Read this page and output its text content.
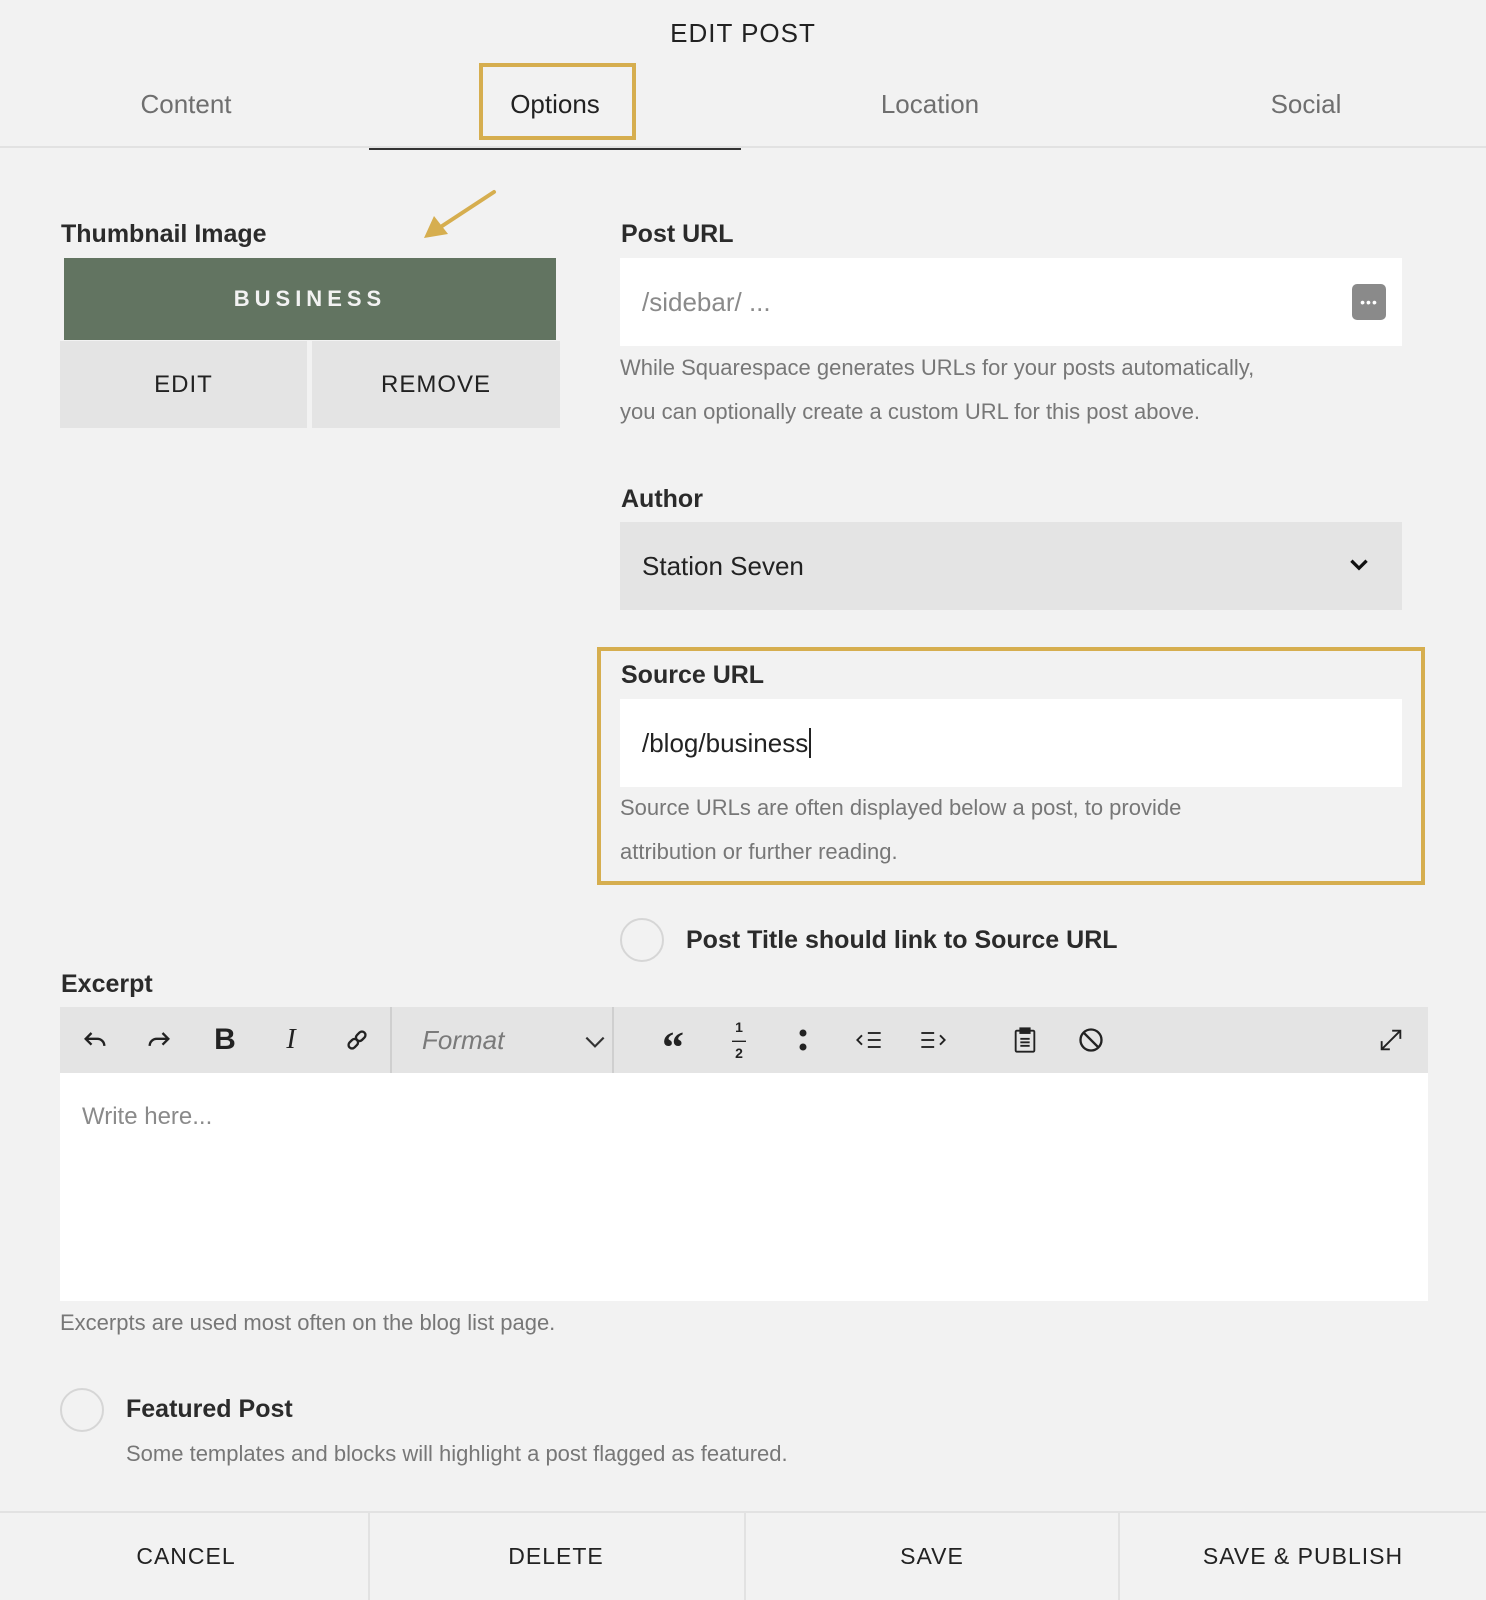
EDIT POST
Content	Options	Location	Social
Thumbnail Image
BUSINESS
EDIT	REMOVE
Post URL
/sidebar/ ...	•••
While Squarespace generates URLs for your posts automatically,
you can optionally create a custom URL for this post above.
Author
Station Seven
Source URL
/blog/business
Source URLs are often displayed below a post, to provide
attribution or further reading.
Post Title should link to Source URL
Excerpt
B	I	Format	“	1
—
2
Write here...
Excerpts are used most often on the blog list page.
Featured Post
Some templates and blocks will highlight a post flagged as featured.
CANCEL	DELETE	SAVE	SAVE & PUBLISH
